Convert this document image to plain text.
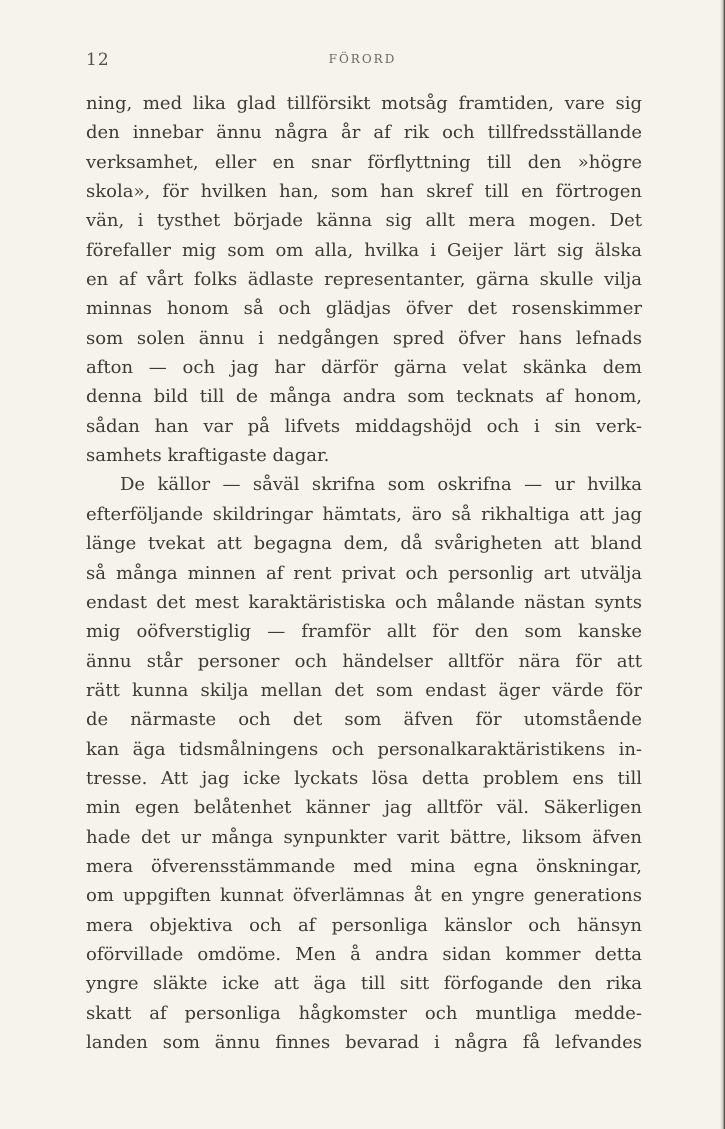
12	FÖRORD
ning, med lika glad tillförsikt motsåg framtiden, vare sig
den innebar ännu några år af rik och tillfredsställande
verksamhet, eller en snar förflyttning till den »högre
skola», för hvilken han, som han skref till en förtrogen
vän, i tysthet började känna sig allt mera mogen. Det
förefaller mig som om alla, hvilka i Geijer lärt sig älska
en af vårt folks ädlaste representanter, gärna skulle vilja
minnas honom så och glädjas öfver det rosenskimmer
som solen ännu i nedgången spred öfver hans lefnads
afton — och jag har därför gärna velat skänka dem
denna bild till de många andra som tecknats af honom,
sådan han var på lifvets middagshöjd och i sin verk-
samhets kraftigaste dagar.
De källor — såväl skrifna som oskrifna — ur hvilka
efterföljande skildringar hämtats, äro så rikhaltiga att jag
länge tvekat att begagna dem, då svårigheten att bland
så många minnen af rent privat och personlig art utvälja
endast det mest karaktäristiska och målande nästan synts
mig oöfverstiglig — framför allt för den som kanske
ännu står personer och händelser alltför nära för att
rätt kunna skilja mellan det som endast äger värde för
de närmaste och det som äfven för utomstående
kan äga tidsmålningens och personalkaraktäristikens in-
tresse. Att jag icke lyckats lösa detta problem ens till
min egen belåtenhet känner jag alltför väl. Säkerligen
hade det ur många synpunkter varit bättre, liksom äfven
mera öfverensstämmande med mina egna önskningar,
om uppgiften kunnat öfverlämnas åt en yngre generations
mera objektiva och af personliga känslor och hänsyn
oförvillade omdöme. Men å andra sidan kommer detta
yngre släkte icke att äga till sitt förfogande den rika
skatt af personliga hågkomster och muntliga medde-
landen som ännu finnes bevarad i några få lefvandes
